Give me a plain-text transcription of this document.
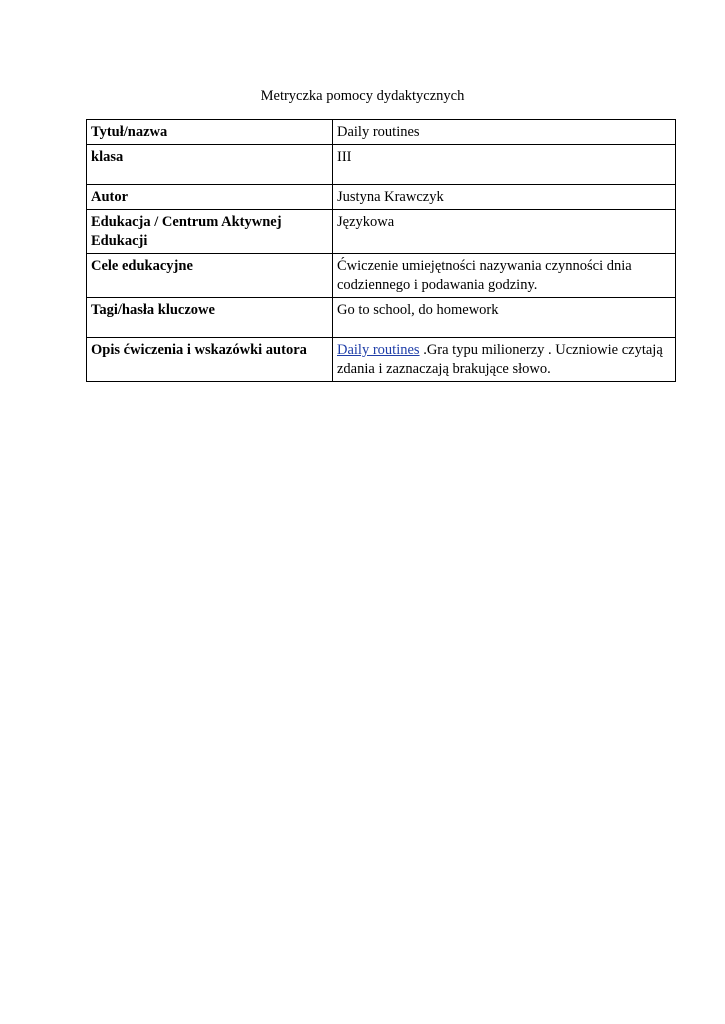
Metryczka pomocy dydaktycznych
Tytuł/nazwa	Daily routines
klasa	III
Autor	Justyna Krawczyk
Edukacja / Centrum Aktywnej Edukacji	Językowa
Cele edukacyjne	Ćwiczenie umiejętności nazywania czynności dnia codziennego i podawania godziny.
Tagi/hasła kluczowe	Go to school, do homework
Opis ćwiczenia i wskazówki autora	Daily routines .Gra typu milionerzy . Uczniowie czytają zdania i zaznaczają brakujące słowo.
